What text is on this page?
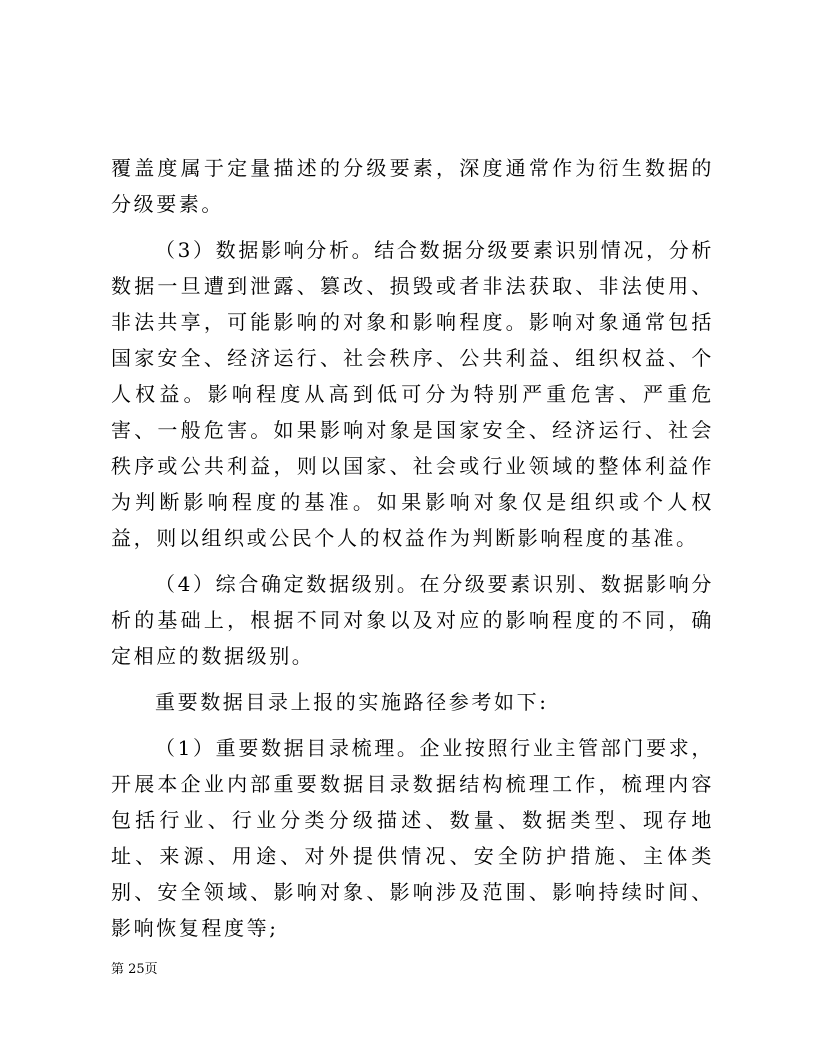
覆盖度属于定量描述的分级要素，深度通常作为衍生数据的分级要素。

（3）数据影响分析。结合数据分级要素识别情况，分析数据一旦遭到泄露、篡改、损毁或者非法获取、非法使用、非法共享，可能影响的对象和影响程度。影响对象通常包括国家安全、经济运行、社会秩序、公共利益、组织权益、个人权益。影响程度从高到低可分为特别严重危害、严重危害、一般危害。如果影响对象是国家安全、经济运行、社会秩序或公共利益，则以国家、社会或行业领域的整体利益作为判断影响程度的基准。如果影响对象仅是组织或个人权益，则以组织或公民个人的权益作为判断影响程度的基准。

（4）综合确定数据级别。在分级要素识别、数据影响分析的基础上，根据不同对象以及对应的影响程度的不同，确定相应的数据级别。

重要数据目录上报的实施路径参考如下:

（1）重要数据目录梳理。企业按照行业主管部门要求，开展本企业内部重要数据目录数据结构梳理工作，梳理内容包括行业、行业分类分级描述、数量、数据类型、现存地址、来源、用途、对外提供情况、安全防护措施、主体类别、安全领域、影响对象、影响涉及范围、影响持续时间、影响恢复程度等;

第 25页
